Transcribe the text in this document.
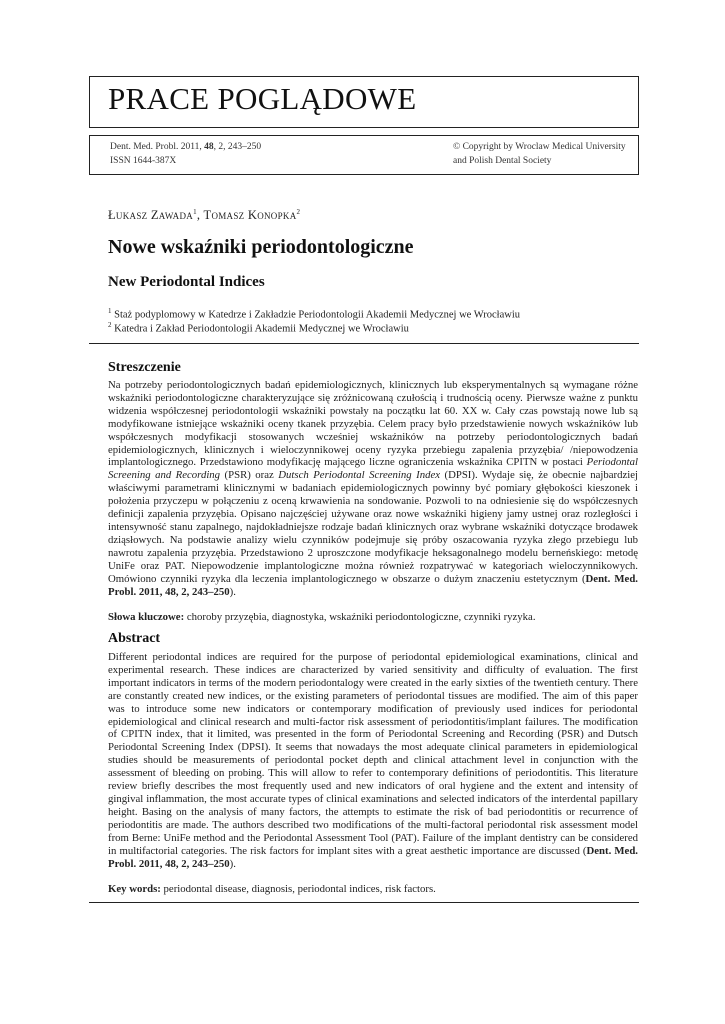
PRACE POGLĄDOWE
Dent. Med. Probl. 2011, 48, 2, 243–250
ISSN 1644-387X
© Copyright by Wroclaw Medical University
and Polish Dental Society
Łukasz Zawada$^1$, Tomasz Konopka$^2$
Nowe wskaźniki periodontologiczne
New Periodontal Indices
$^1$ Staż podyplomowy w Katedrze i Zakładzie Periodontologii Akademii Medycznej we Wrocławiu
$^2$ Katedra i Zakład Periodontologii Akademii Medycznej we Wrocławiu
Streszczenie
Na potrzeby periodontologicznych badań epidemiologicznych, klinicznych lub eksperymentalnych są wymagane różne wskaźniki periodontologiczne charakteryzujące się zróżnicowaną czułością i trudnością oceny. Pierwsze ważne z punktu widzenia współczesnej periodontologii wskaźniki powstały na początku lat 60. XX w. Cały czas powstają nowe lub są modyfikowane istniejące wskaźniki oceny tkanek przyzębia. Celem pracy było przedstawienie nowych wskaźników lub współczesnych modyfikacji stosowanych wcześniej wskaźników na potrzeby periodontologicznych badań epidemiologicznych, klinicznych i wieloczynnikowej oceny ryzyka przebiegu zapalenia przyzębia/ /niepowodzenia implantologicznego. Przedstawiono modyfikację mającego liczne ograniczenia wskaźnika CPITN w postaci Periodontal Screening and Recording (PSR) oraz Dutsch Periodontal Screening Index (DPSI). Wydaje się, że obecnie najbardziej właściwymi parametrami klinicznymi w badaniach epidemiologicznych powinny być pomiary głębokości kieszonek i położenia przyczepu w połączeniu z oceną krwawienia na sondowanie. Pozwoli to na odniesienie się do współczesnych definicji zapalenia przyzębia. Opisano najczęściej używane oraz nowe wskaźniki higieny jamy ustnej oraz rozległości i intensywność stanu zapalnego, najdokładniejsze rodzaje badań klinicznych oraz wybrane wskaźniki dotyczące brodawek dziąsłowych. Na podstawie analizy wielu czynników podejmuje się próby oszacowania ryzyka złego przebiegu lub nawrotu zapalenia przyzębia. Przedstawiono 2 uproszczone modyfikacje heksagonalnego modelu berneńskiego: metodę UniFe oraz PAT. Niepowodzenie implantologiczne można również rozpatrywać w kategoriach wieloczynnikowych. Omówiono czynniki ryzyka dla leczenia implantologicznego w obszarze o dużym znaczeniu estetycznym (Dent. Med. Probl. 2011, 48, 2, 243–250).
Słowa kluczowe: choroby przyzębia, diagnostyka, wskaźniki periodontologiczne, czynniki ryzyka.
Abstract
Different periodontal indices are required for the purpose of periodontal epidemiological examinations, clinical and experimental research. These indices are characterized by varied sensitivity and difficulty of evaluation. The first important indicators in terms of the modern periodontalogy were created in the early sixties of the twentieth century. There are constantly created new indices, or the existing parameters of periodontal tissues are modified. The aim of this paper was to introduce some new indicators or contemporary modification of previously used indices for periodontal epidemiological and clinical research and multi-factor risk assessment of periodontitis/implant failures. The modification of CPITN index, that it limited, was presented in the form of Periodontal Screening and Recording (PSR) and Dutsch Periodontal Screening Index (DPSI). It seems that nowadays the most adequate clinical parameters in epidemiological studies should be measurements of periodontal pocket depth and clinical attachment level in conjunction with the assessment of bleeding on probing. This will allow to refer to contemporary definitions of periodontitis. This literature review briefly describes the most frequently used and new indicators of oral hygiene and the extent and intensity of gingival inflammation, the most accurate types of clinical examinations and selected indicators of the interdental papillary height. Basing on the analysis of many factors, the attempts to estimate the risk of bad periodontitis or recurrence of periodontitis are made. The authors described two modifications of the multi-factoral periodontal risk assessment model from Berne: UniFe method and the Periodontal Assessment Tool (PAT). Failure of the implant dentistry can be considered in multifactorial categories. The risk factors for implant sites with a great aesthetic importance are discussed (Dent. Med. Probl. 2011, 48, 2, 243–250).
Key words: periodontal disease, diagnosis, periodontal indices, risk factors.
